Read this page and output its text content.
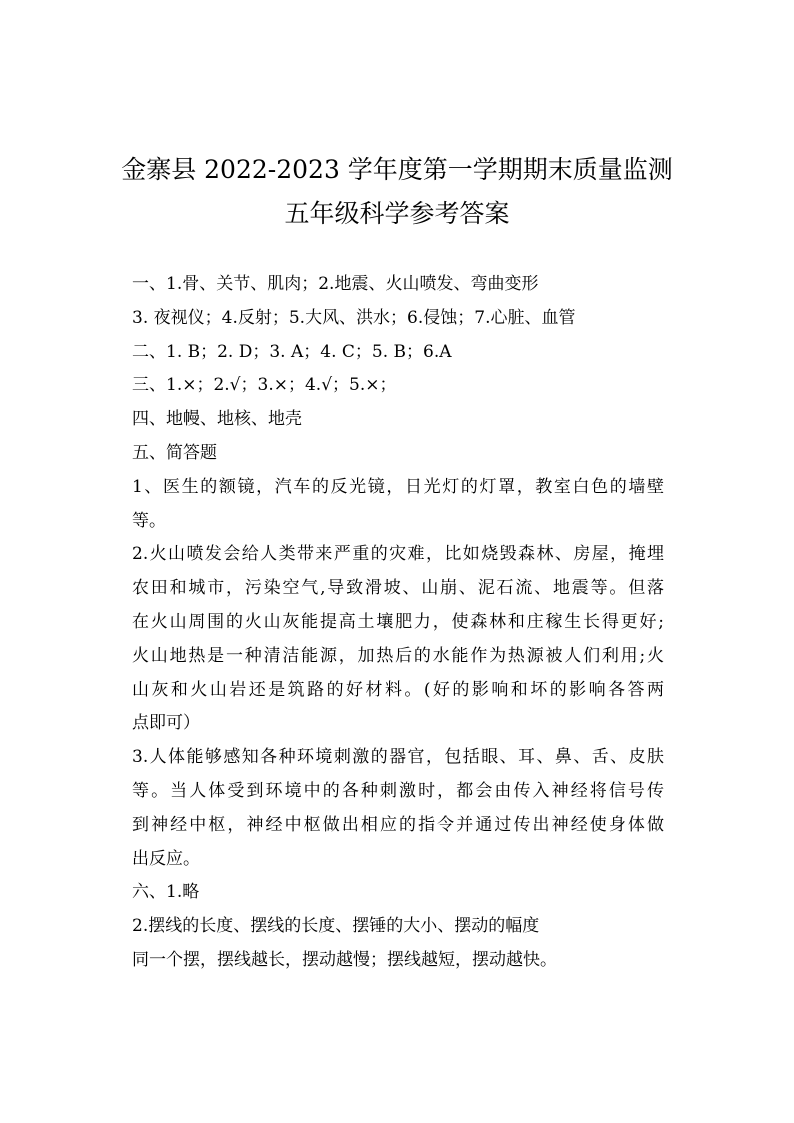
金寨县 2022-2023 学年度第一学期期末质量监测
五年级科学参考答案
一、1.骨、关节、肌肉；2.地震、火山喷发、弯曲变形
3. 夜视仪；4.反射；5.大风、洪水；6.侵蚀；7.心脏、血管
二、1. B；2. D；3. A；4. C；5. B；6.A
三、1.×；2.√；3.×；4.√；5.×；
四、地幔、地核、地壳
五、简答题
1、医生的额镜，汽车的反光镜，日光灯的灯罩，教室白色的墙壁
等。
2.火山喷发会给人类带来严重的灾难，比如烧毁森林、房屋，掩埋
农田和城市，污染空气,导致滑坡、山崩、泥石流、地震等。但落
在火山周围的火山灰能提高土壤肥力，使森林和庄稼生长得更好;
火山地热是一种清洁能源，加热后的水能作为热源被人们利用;火
山灰和火山岩还是筑路的好材料。(好的影响和坏的影响各答两
点即可）
3.人体能够感知各种环境刺激的器官，包括眼、耳、鼻、舌、皮肤
等。当人体受到环境中的各种刺激时，都会由传入神经将信号传
到神经中枢，神经中枢做出相应的指令并通过传出神经使身体做
出反应。
六、1.略
2.摆线的长度、摆线的长度、摆锤的大小、摆动的幅度
同一个摆，摆线越长，摆动越慢；摆线越短，摆动越快。
